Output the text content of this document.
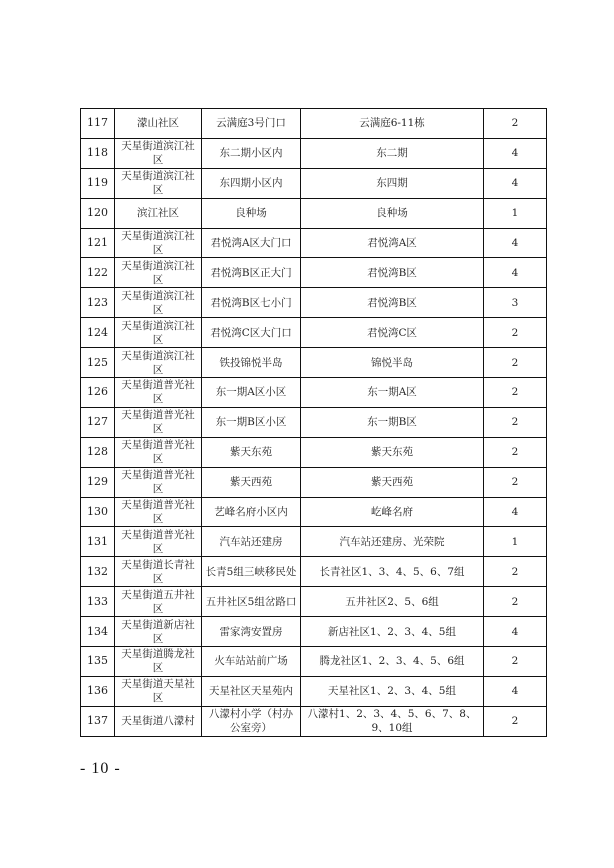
117	濛山社区	云满庭3号门口	云满庭6-11栋	2
118	天星街道滨江社区	东二期小区内	东二期	4
119	天星街道滨江社区	东四期小区内	东四期	4
120	滨江社区	良种场	良种场	1
121	天星街道滨江社区	君悦湾A区大门口	君悦湾A区	4
122	天星街道滨江社区	君悦湾B区正大门	君悦湾B区	4
123	天星街道滨江社区	君悦湾B区七小门	君悦湾B区	3
124	天星街道滨江社区	君悦湾C区大门口	君悦湾C区	2
125	天星街道滨江社区	铁投锦悦半岛	锦悦半岛	2
126	天星街道普光社区	东一期A区小区	东一期A区	2
127	天星街道普光社区	东一期B区小区	东一期B区	2
128	天星街道普光社区	紫天东苑	紫天东苑	2
129	天星街道普光社区	紫天西苑	紫天西苑	2
130	天星街道普光社区	艺峰名府小区内	屹峰名府	4
131	天星街道普光社区	汽车站还建房	汽车站还建房、光荣院	1
132	天星街道长青社区	长青5组三峡移民处	长青社区1、3、4、5、6、7组	2
133	天星街道五井社区	五井社区5组岔路口	五井社区2、5、6组	2
134	天星街道新店社区	雷家湾安置房	新店社区1、2、3、4、5组	4
135	天星街道腾龙社区	火车站站前广场	腾龙社区1、2、3、4、5、6组	2
136	天星街道天星社区	天星社区天星苑内	天星社区1、2、3、4、5组	4
137	天星街道八濛村	八濛村小学（村办公室旁）	八濛村1、2、3、4、5、6、7、8、9、10组	2
- 10 -
